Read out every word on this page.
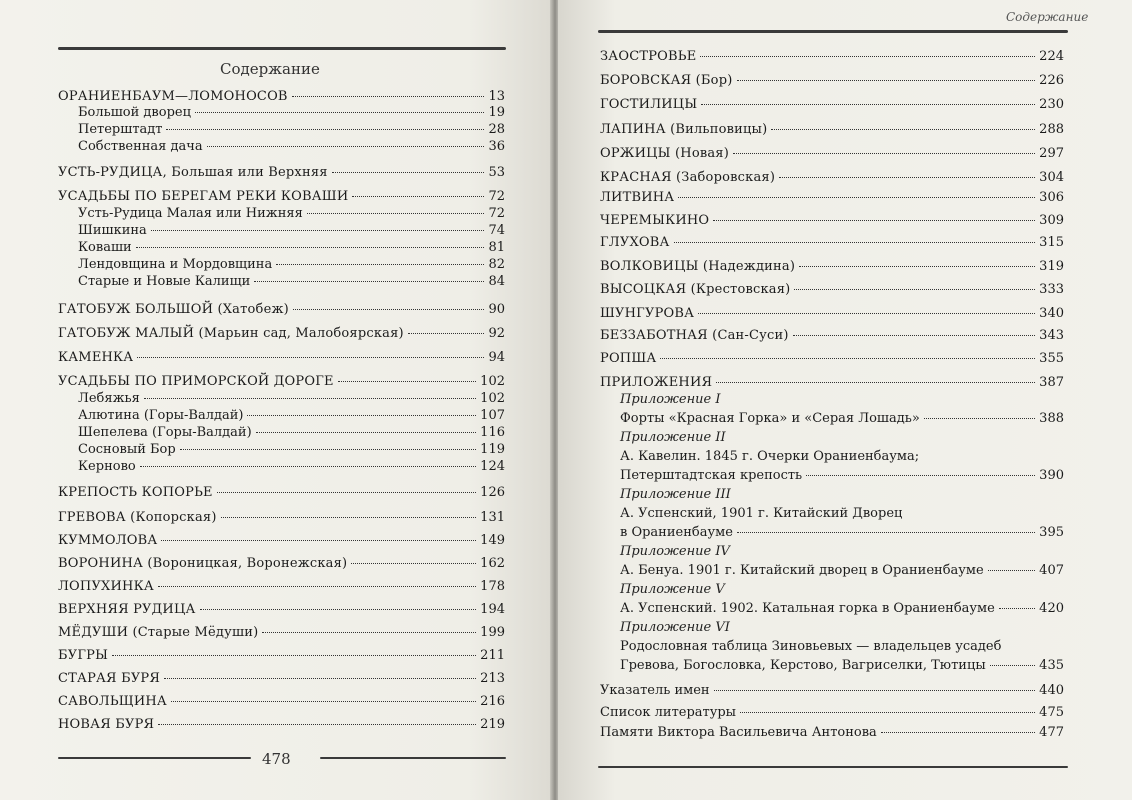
Содержание
ОРАНИЕНБАУМ—ЛОМОНОСОВ	13
Большой дворец	19
Петерштадт	28
Собственная дача	36
УСТЬ-РУДИЦА, Большая или Верхняя	53
УСАДЬБЫ ПО БЕРЕГАМ РЕКИ КОВАШИ	72
Усть-Рудица Малая или Нижняя	72
Шишкина	74
Коваши	81
Лендовщина и Мордовщина	82
Старые и Новые Калищи	84
ГАТОБУЖ БОЛЬШОЙ (Хатобеж)	90
ГАТОБУЖ МАЛЫЙ (Марьин сад, Малобоярская)	92
КАМЕНКА	94
УСАДЬБЫ ПО ПРИМОРСКОЙ ДОРОГЕ	102
Лебяжья	102
Алютина (Горы-Валдай)	107
Шепелева (Горы-Валдай)	116
Сосновый Бор	119
Керново	124
КРЕПОСТЬ КОПОРЬЕ	126
ГРЕВОВА (Копорская)	131
КУММОЛОВА	149
ВОРОНИНА (Вороницкая, Воронежская)	162
ЛОПУХИНКА	178
ВЕРХНЯЯ РУДИЦА	194
МЁДУШИ (Старые Мёдуши)	199
БУГРЫ	211
СТАРАЯ БУРЯ	213
САВОЛЬЩИНА	216
НОВАЯ БУРЯ	219
478
Содержание
ЗАОСТРОВЬЕ	224
БОРОВСКАЯ (Бор)	226
ГОСТИЛИЦЫ	230
ЛАПИНА (Вильповицы)	288
ОРЖИЦЫ (Новая)	297
КРАСНАЯ (Заборовская)	304
ЛИТВИНА	306
ЧЕРЕМЫКИНО	309
ГЛУХОВА	315
ВОЛКОВИЦЫ (Надеждина)	319
ВЫСОЦКАЯ (Крестовская)	333
ШУНГУРОВА	340
БЕЗЗАБОТНАЯ (Сан-Суси)	343
РОПША	355
ПРИЛОЖЕНИЯ	387
Приложение I
Форты «Красная Горка» и «Серая Лошадь»	388
Приложение II
А. Кавелин. 1845 г. Очерки Ораниенбаума;
Петерштадтская крепость	390
Приложение III
А. Успенский, 1901 г. Китайский Дворец
в Ораниенбауме	395
Приложение IV
А. Бенуа. 1901 г. Китайский дворец в Ораниенбауме	407
Приложение V
А. Успенский. 1902. Катальная горка в Ораниенбауме	420
Приложение VI
Родословная таблица Зиновьевых — владельцев усадеб
Гревова, Богословка, Керстово, Вагриселки, Тютицы	435
Указатель имен	440
Список литературы	475
Памяти Виктора Васильевича Антонова	477
